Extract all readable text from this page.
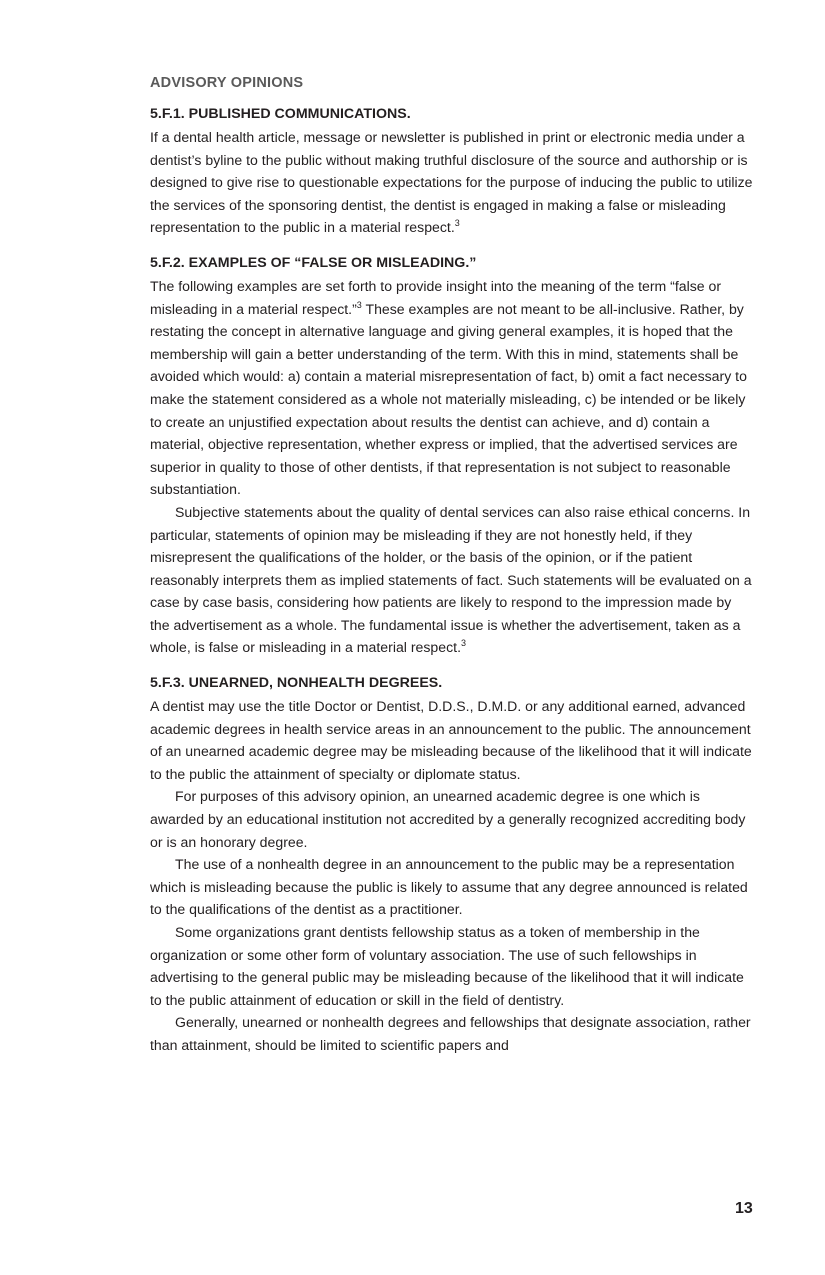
ADVISORY OPINIONS
5.F.1. PUBLISHED COMMUNICATIONS.

If a dental health article, message or newsletter is published in print or electronic media under a dentist’s byline to the public without making truthful disclosure of the source and authorship or is designed to give rise to questionable expectations for the purpose of inducing the public to utilize the services of the sponsoring dentist, the dentist is engaged in making a false or misleading representation to the public in a material respect.$^3$

5.F.2. EXAMPLES OF “FALSE OR MISLEADING.”

The following examples are set forth to provide insight into the meaning of the term “false or misleading in a material respect.”$^3$ These examples are not meant to be all-inclusive. Rather, by restating the concept in alternative language and giving general examples, it is hoped that the membership will gain a better understanding of the term. With this in mind, statements shall be avoided which would: a) contain a material misrepresentation of fact, b) omit a fact necessary to make the statement considered as a whole not materially misleading, c) be intended or be likely to create an unjustified expectation about results the dentist can achieve, and d) contain a material, objective representation, whether express or implied, that the advertised services are superior in quality to those of other dentists, if that representation is not subject to reasonable substantiation.

Subjective statements about the quality of dental services can also raise ethical concerns. In particular, statements of opinion may be misleading if they are not honestly held, if they misrepresent the qualifications of the holder, or the basis of the opinion, or if the patient reasonably interprets them as implied statements of fact. Such statements will be evaluated on a case by case basis, considering how patients are likely to respond to the impression made by the advertisement as a whole. The fundamental issue is whether the advertisement, taken as a whole, is false or misleading in a material respect.$^3$

5.F.3. UNEARNED, NONHEALTH DEGREES.

A dentist may use the title Doctor or Dentist, D.D.S., D.M.D. or any additional earned, advanced academic degrees in health service areas in an announcement to the public. The announcement of an unearned academic degree may be misleading because of the likelihood that it will indicate to the public the attainment of specialty or diplomate status.

For purposes of this advisory opinion, an unearned academic degree is one which is awarded by an educational institution not accredited by a generally recognized accrediting body or is an honorary degree.

The use of a nonhealth degree in an announcement to the public may be a representation which is misleading because the public is likely to assume that any degree announced is related to the qualifications of the dentist as a practitioner.

Some organizations grant dentists fellowship status as a token of membership in the organization or some other form of voluntary association. The use of such fellowships in advertising to the general public may be misleading because of the likelihood that it will indicate to the public attainment of education or skill in the field of dentistry.

Generally, unearned or nonhealth degrees and fellowships that designate association, rather than attainment, should be limited to scientific papers and

13
